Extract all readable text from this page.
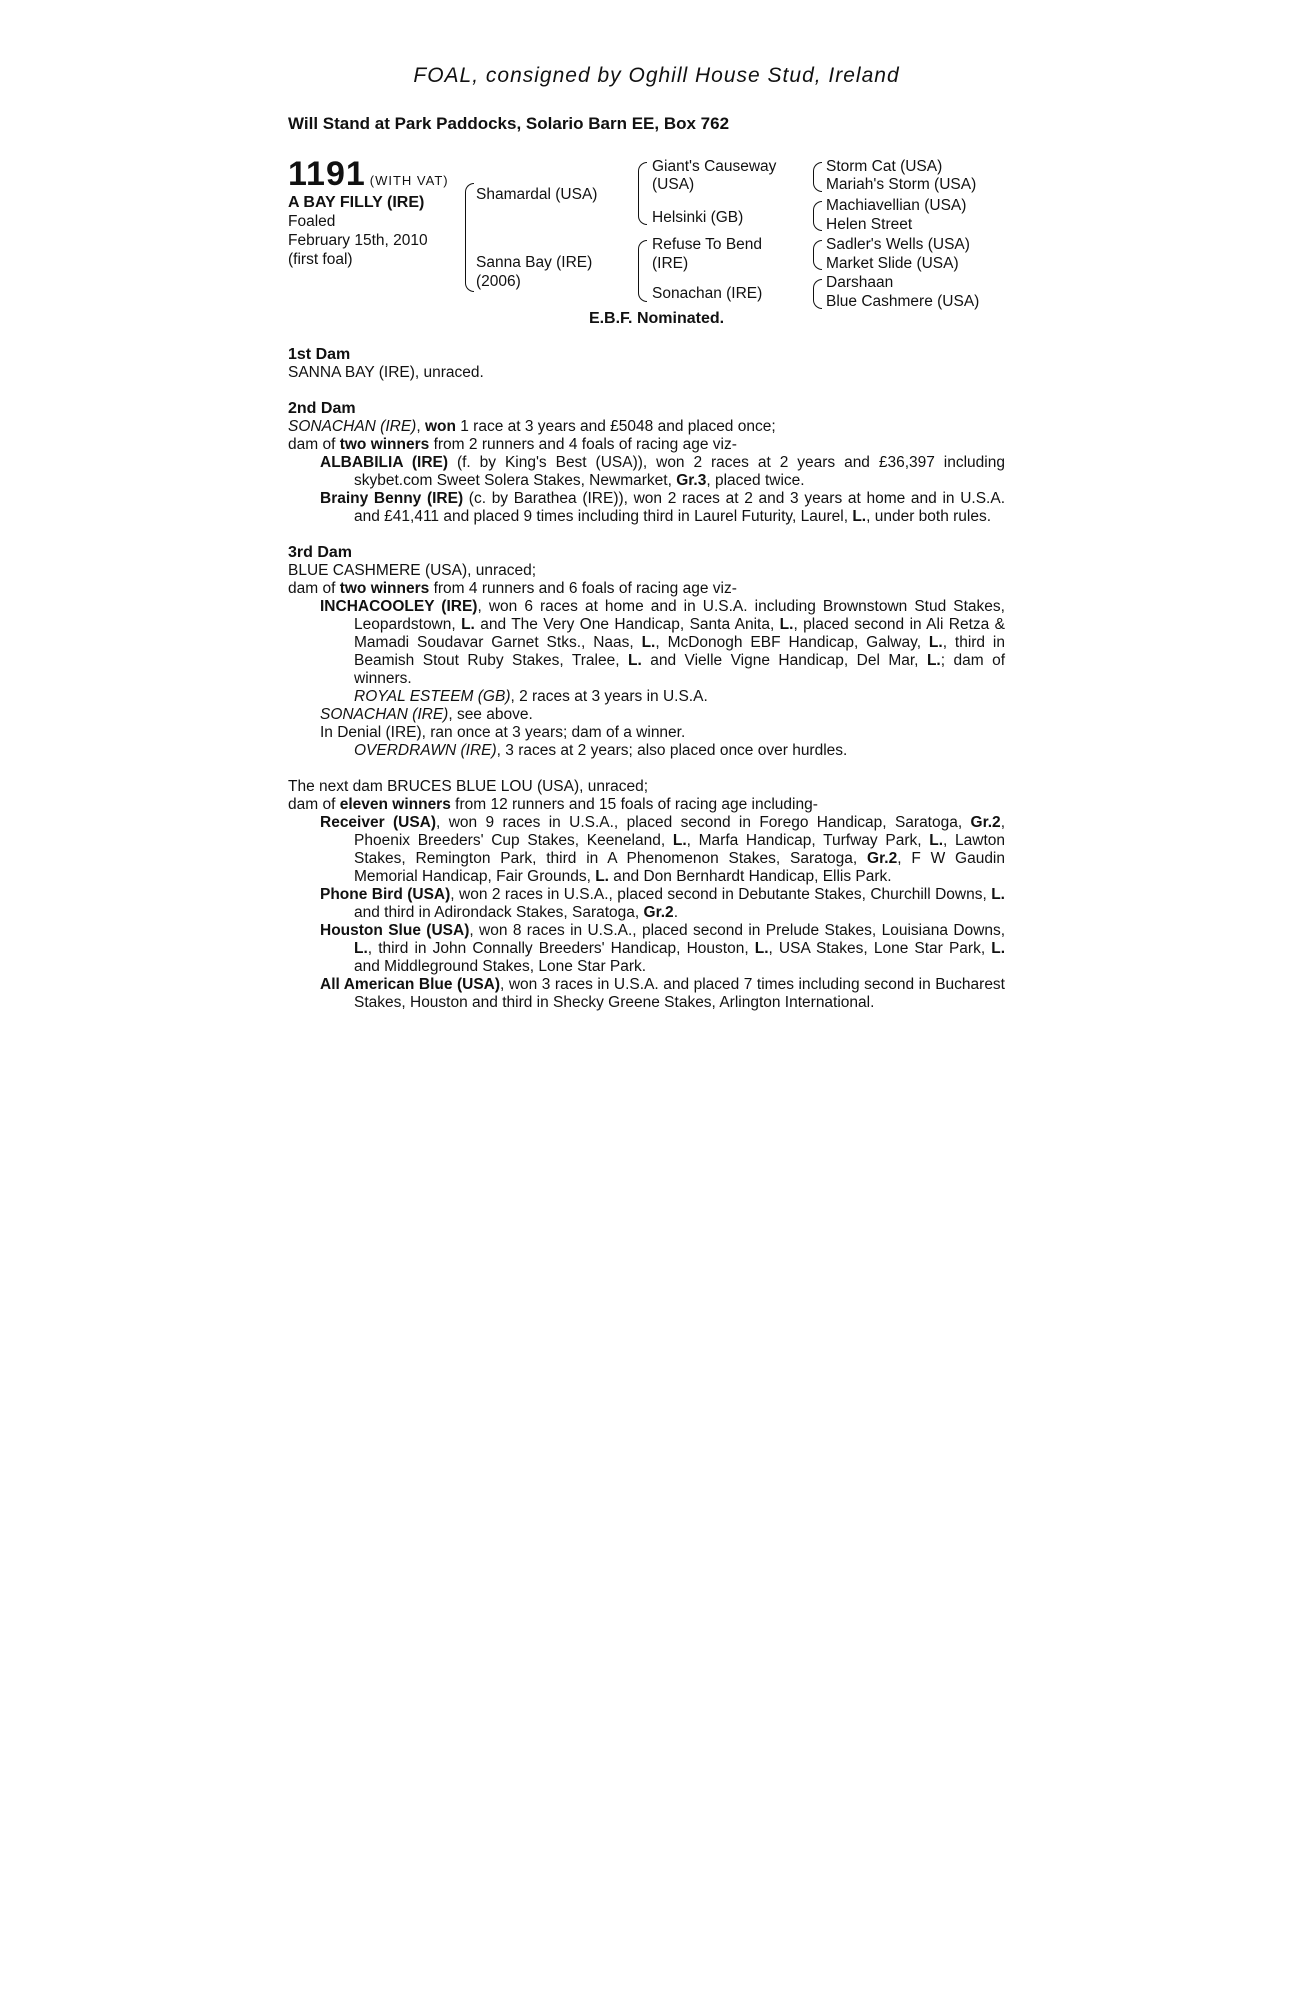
FOAL, consigned by Oghill House Stud, Ireland
Will Stand at Park Paddocks, Solario Barn EE, Box 762
1191 (WITH VAT)
A BAY FILLY (IRE)
Foaled
February 15th, 2010
(first foal)
Shamardal (USA)
Sanna Bay (IRE)
(2006)
Giant's Causeway
(USA)
Helsinki (GB)
Refuse To Bend
(IRE)
Sonachan (IRE)
Storm Cat (USA)
Mariah's Storm (USA)
Machiavellian (USA)
Helen Street
Sadler's Wells (USA)
Market Slide (USA)
Darshaan
Blue Cashmere (USA)
E.B.F. Nominated.
1st Dam
SANNA BAY (IRE), unraced.
2nd Dam
SONACHAN (IRE), won 1 race at 3 years and £5048 and placed once;
dam of two winners from 2 runners and 4 foals of racing age viz-
ALBABILIA (IRE) (f. by King's Best (USA)), won 2 races at 2 years and £36,397 including skybet.com Sweet Solera Stakes, Newmarket, Gr.3, placed twice.
Brainy Benny (IRE) (c. by Barathea (IRE)), won 2 races at 2 and 3 years at home and in U.S.A. and £41,411 and placed 9 times including third in Laurel Futurity, Laurel, L., under both rules.
3rd Dam
BLUE CASHMERE (USA), unraced;
dam of two winners from 4 runners and 6 foals of racing age viz-
INCHACOOLEY (IRE), won 6 races at home and in U.S.A. including Brownstown Stud Stakes, Leopardstown, L. and The Very One Handicap, Santa Anita, L., placed second in Ali Retza & Mamadi Soudavar Garnet Stks., Naas, L., McDonogh EBF Handicap, Galway, L., third in Beamish Stout Ruby Stakes, Tralee, L. and Vielle Vigne Handicap, Del Mar, L.; dam of winners.
ROYAL ESTEEM (GB), 2 races at 3 years in U.S.A.
SONACHAN (IRE), see above.
In Denial (IRE), ran once at 3 years; dam of a winner.
OVERDRAWN (IRE), 3 races at 2 years; also placed once over hurdles.
The next dam BRUCES BLUE LOU (USA), unraced;
dam of eleven winners from 12 runners and 15 foals of racing age including-
Receiver (USA), won 9 races in U.S.A., placed second in Forego Handicap, Saratoga, Gr.2, Phoenix Breeders' Cup Stakes, Keeneland, L., Marfa Handicap, Turfway Park, L., Lawton Stakes, Remington Park, third in A Phenomenon Stakes, Saratoga, Gr.2, F W Gaudin Memorial Handicap, Fair Grounds, L. and Don Bernhardt Handicap, Ellis Park.
Phone Bird (USA), won 2 races in U.S.A., placed second in Debutante Stakes, Churchill Downs, L. and third in Adirondack Stakes, Saratoga, Gr.2.
Houston Slue (USA), won 8 races in U.S.A., placed second in Prelude Stakes, Louisiana Downs, L., third in John Connally Breeders' Handicap, Houston, L., USA Stakes, Lone Star Park, L. and Middleground Stakes, Lone Star Park.
All American Blue (USA), won 3 races in U.S.A. and placed 7 times including second in Bucharest Stakes, Houston and third in Shecky Greene Stakes, Arlington International.
